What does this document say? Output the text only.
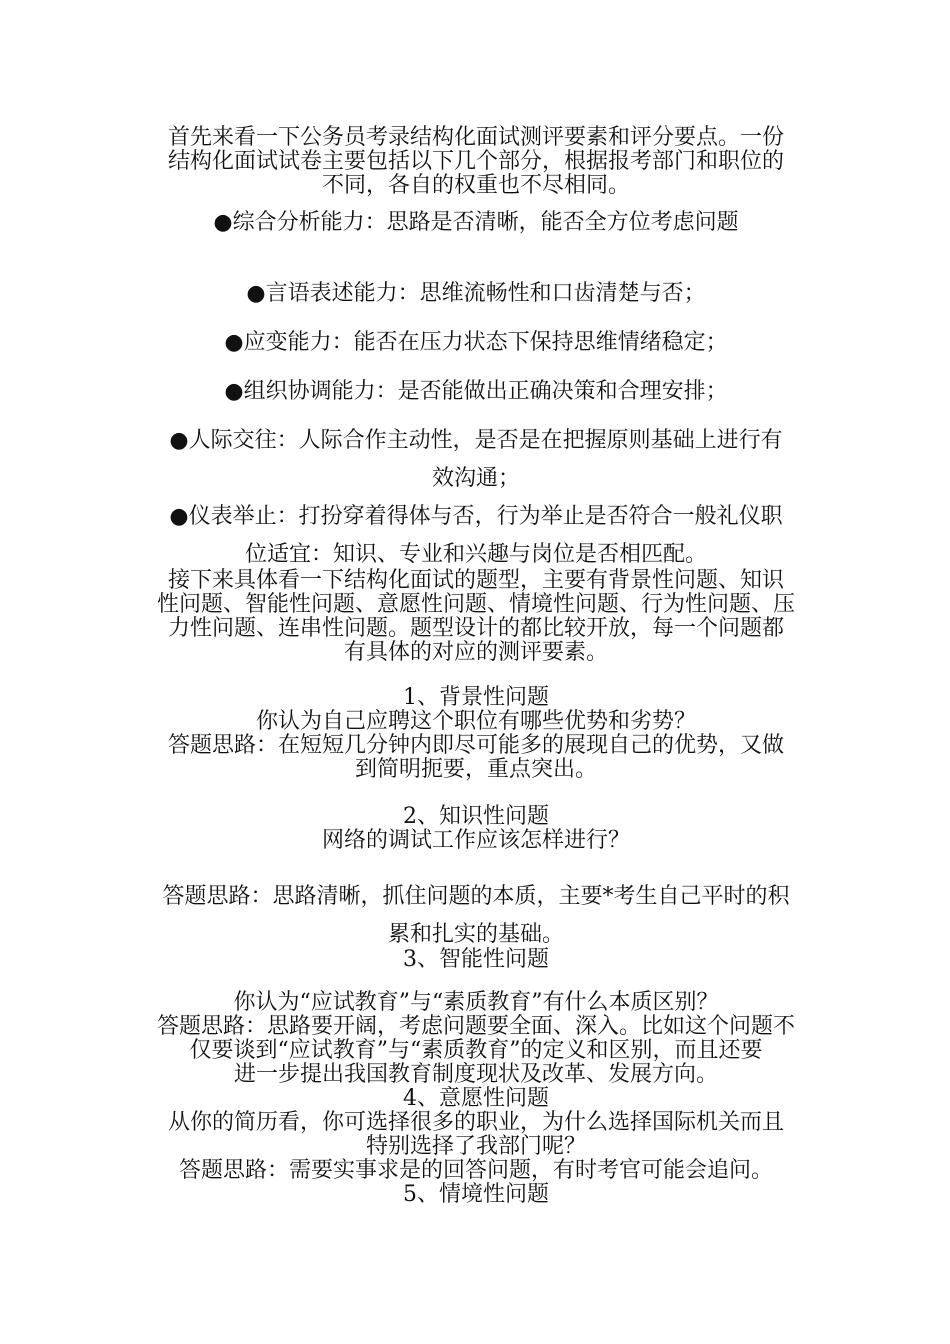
首先来看一下公务员考录结构化面试测评要素和评分要点。一份
结构化面试试卷主要包括以下几个部分，根据报考部门和职位的
不同，各自的权重也不尽相同。
●综合分析能力：思路是否清晰，能否全方位考虑问题
●言语表述能力：思维流畅性和口齿清楚与否；
●应变能力：能否在压力状态下保持思维情绪稳定；
●组织协调能力：是否能做出正确决策和合理安排；
●人际交往：人际合作主动性，是否是在把握原则基础上进行有
效沟通；
●仪表举止：打扮穿着得体与否，行为举止是否符合一般礼仪职
位适宜：知识、专业和兴趣与岗位是否相匹配。
接下来具体看一下结构化面试的题型，主要有背景性问题、知识
性问题、智能性问题、意愿性问题、情境性问题、行为性问题、压
力性问题、连串性问题。题型设计的都比较开放，每一个问题都
有具体的对应的测评要素。
1、背景性问题
你认为自己应聘这个职位有哪些优势和劣势？
答题思路：在短短几分钟内即尽可能多的展现自己的优势，又做
到简明扼要，重点突出。
2、知识性问题
网络的调试工作应该怎样进行？
答题思路：思路清晰，抓住问题的本质，主要*考生自己平时的积
累和扎实的基础。
3、智能性问题
你认为“应试教育”与“素质教育”有什么本质区别？
答题思路：思路要开阔，考虑问题要全面、深入。比如这个问题不
仅要谈到“应试教育”与“素质教育”的定义和区别，而且还要
进一步提出我国教育制度现状及改革、发展方向。
4、意愿性问题
从你的简历看，你可选择很多的职业，为什么选择国际机关而且
特别选择了我部门呢？
答题思路：需要实事求是的回答问题，有时考官可能会追问。
5、情境性问题
